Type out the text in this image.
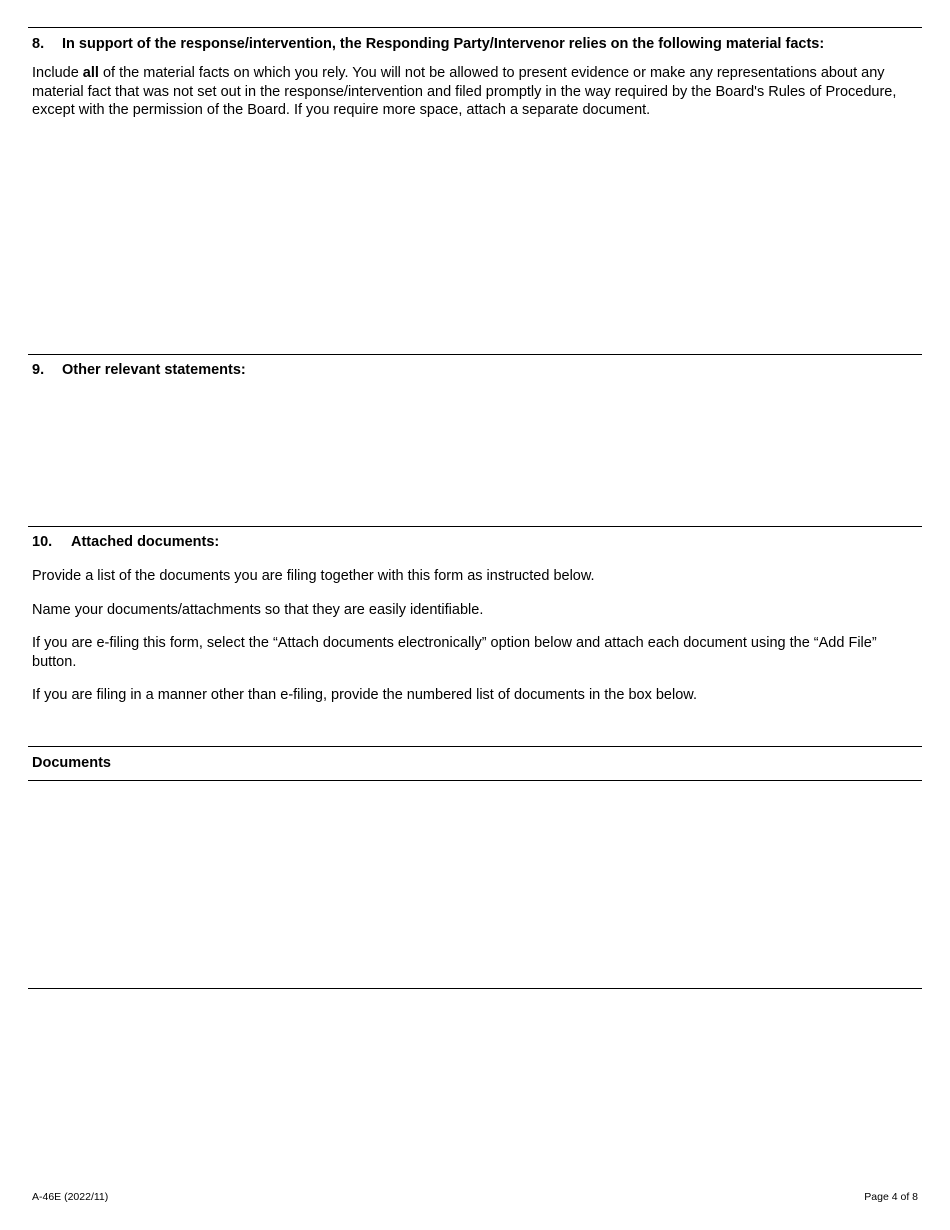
8. In support of the response/intervention, the Responding Party/Intervenor relies on the following material facts:
Include all of the material facts on which you rely. You will not be allowed to present evidence or make any representations about any material fact that was not set out in the response/intervention and filed promptly in the way required by the Board's Rules of Procedure, except with the permission of the Board. If you require more space, attach a separate document.
9. Other relevant statements:
10. Attached documents:
Provide a list of the documents you are filing together with this form as instructed below.
Name your documents/attachments so that they are easily identifiable.
If you are e-filing this form, select the “Attach documents electronically” option below and attach each document using the “Add File” button.
If you are filing in a manner other than e-filing, provide the numbered list of documents in the box below.
Documents
A-46E (2022/11)	Page 4 of 8
